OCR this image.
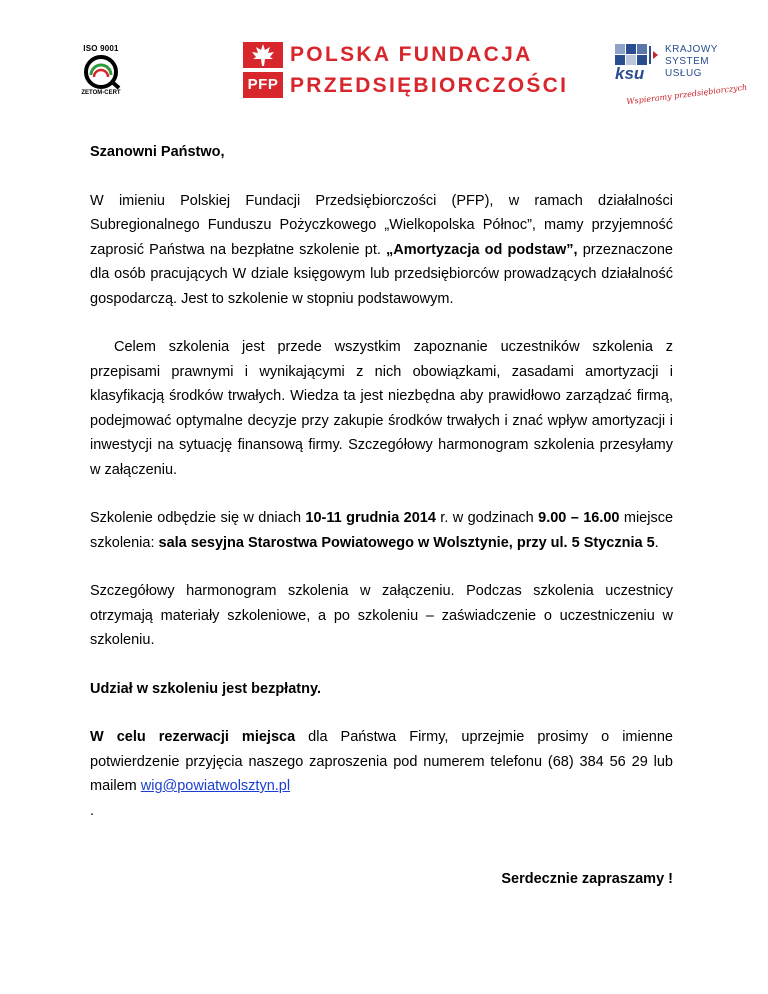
ISO 9001
ZETOM-CERT	PFP
POLSKA FUNDACJA
PRZEDSIĘBIORCZOŚCI
KRAJOWY
SYSTEM
USŁUG
ksu
Wspieramy przedsiębiorczych

Szanowni Państwo,

W imieniu Polskiej Fundacji Przedsiębiorczości (PFP), w ramach działalności Subregionalnego Funduszu Pożyczkowego „Wielkopolska Północ”, mamy przyjemność zaprosić Państwa na bezpłatne szkolenie pt. „Amortyzacja od podstaw”, przeznaczone dla osób pracujących W dziale księgowym lub przedsiębiorców prowadzących działalność gospodarczą. Jest to szkolenie w stopniu podstawowym.

Celem szkolenia jest przede wszystkim zapoznanie uczestników szkolenia z przepisami prawnymi i wynikającymi z nich obowiązkami, zasadami amortyzacji i klasyfikacją środków trwałych. Wiedza ta jest niezbędna aby prawidłowo zarządzać firmą, podejmować optymalne decyzje przy zakupie środków trwałych i znać wpływ amortyzacji i inwestycji na sytuację finansową firmy. Szczegółowy harmonogram szkolenia przesyłamy w załączeniu.

Szkolenie odbędzie się w dniach 10-11 grudnia 2014 r. w godzinach 9.00 – 16.00 miejsce szkolenia: sala sesyjna Starostwa Powiatowego w Wolsztynie, przy ul. 5 Stycznia 5.

Szczegółowy harmonogram szkolenia w załączeniu. Podczas szkolenia uczestnicy otrzymają materiały szkoleniowe, a po szkoleniu – zaświadczenie o uczestniczeniu w szkoleniu.

Udział w szkoleniu jest bezpłatny.

W celu rezerwacji miejsca dla Państwa Firmy, uprzejmie prosimy o imienne potwierdzenie przyjęcia naszego zaproszenia pod numerem telefonu (68) 384 56 29 lub mailem wig@powiatwolsztyn.pl

.

Serdecznie zapraszamy !
